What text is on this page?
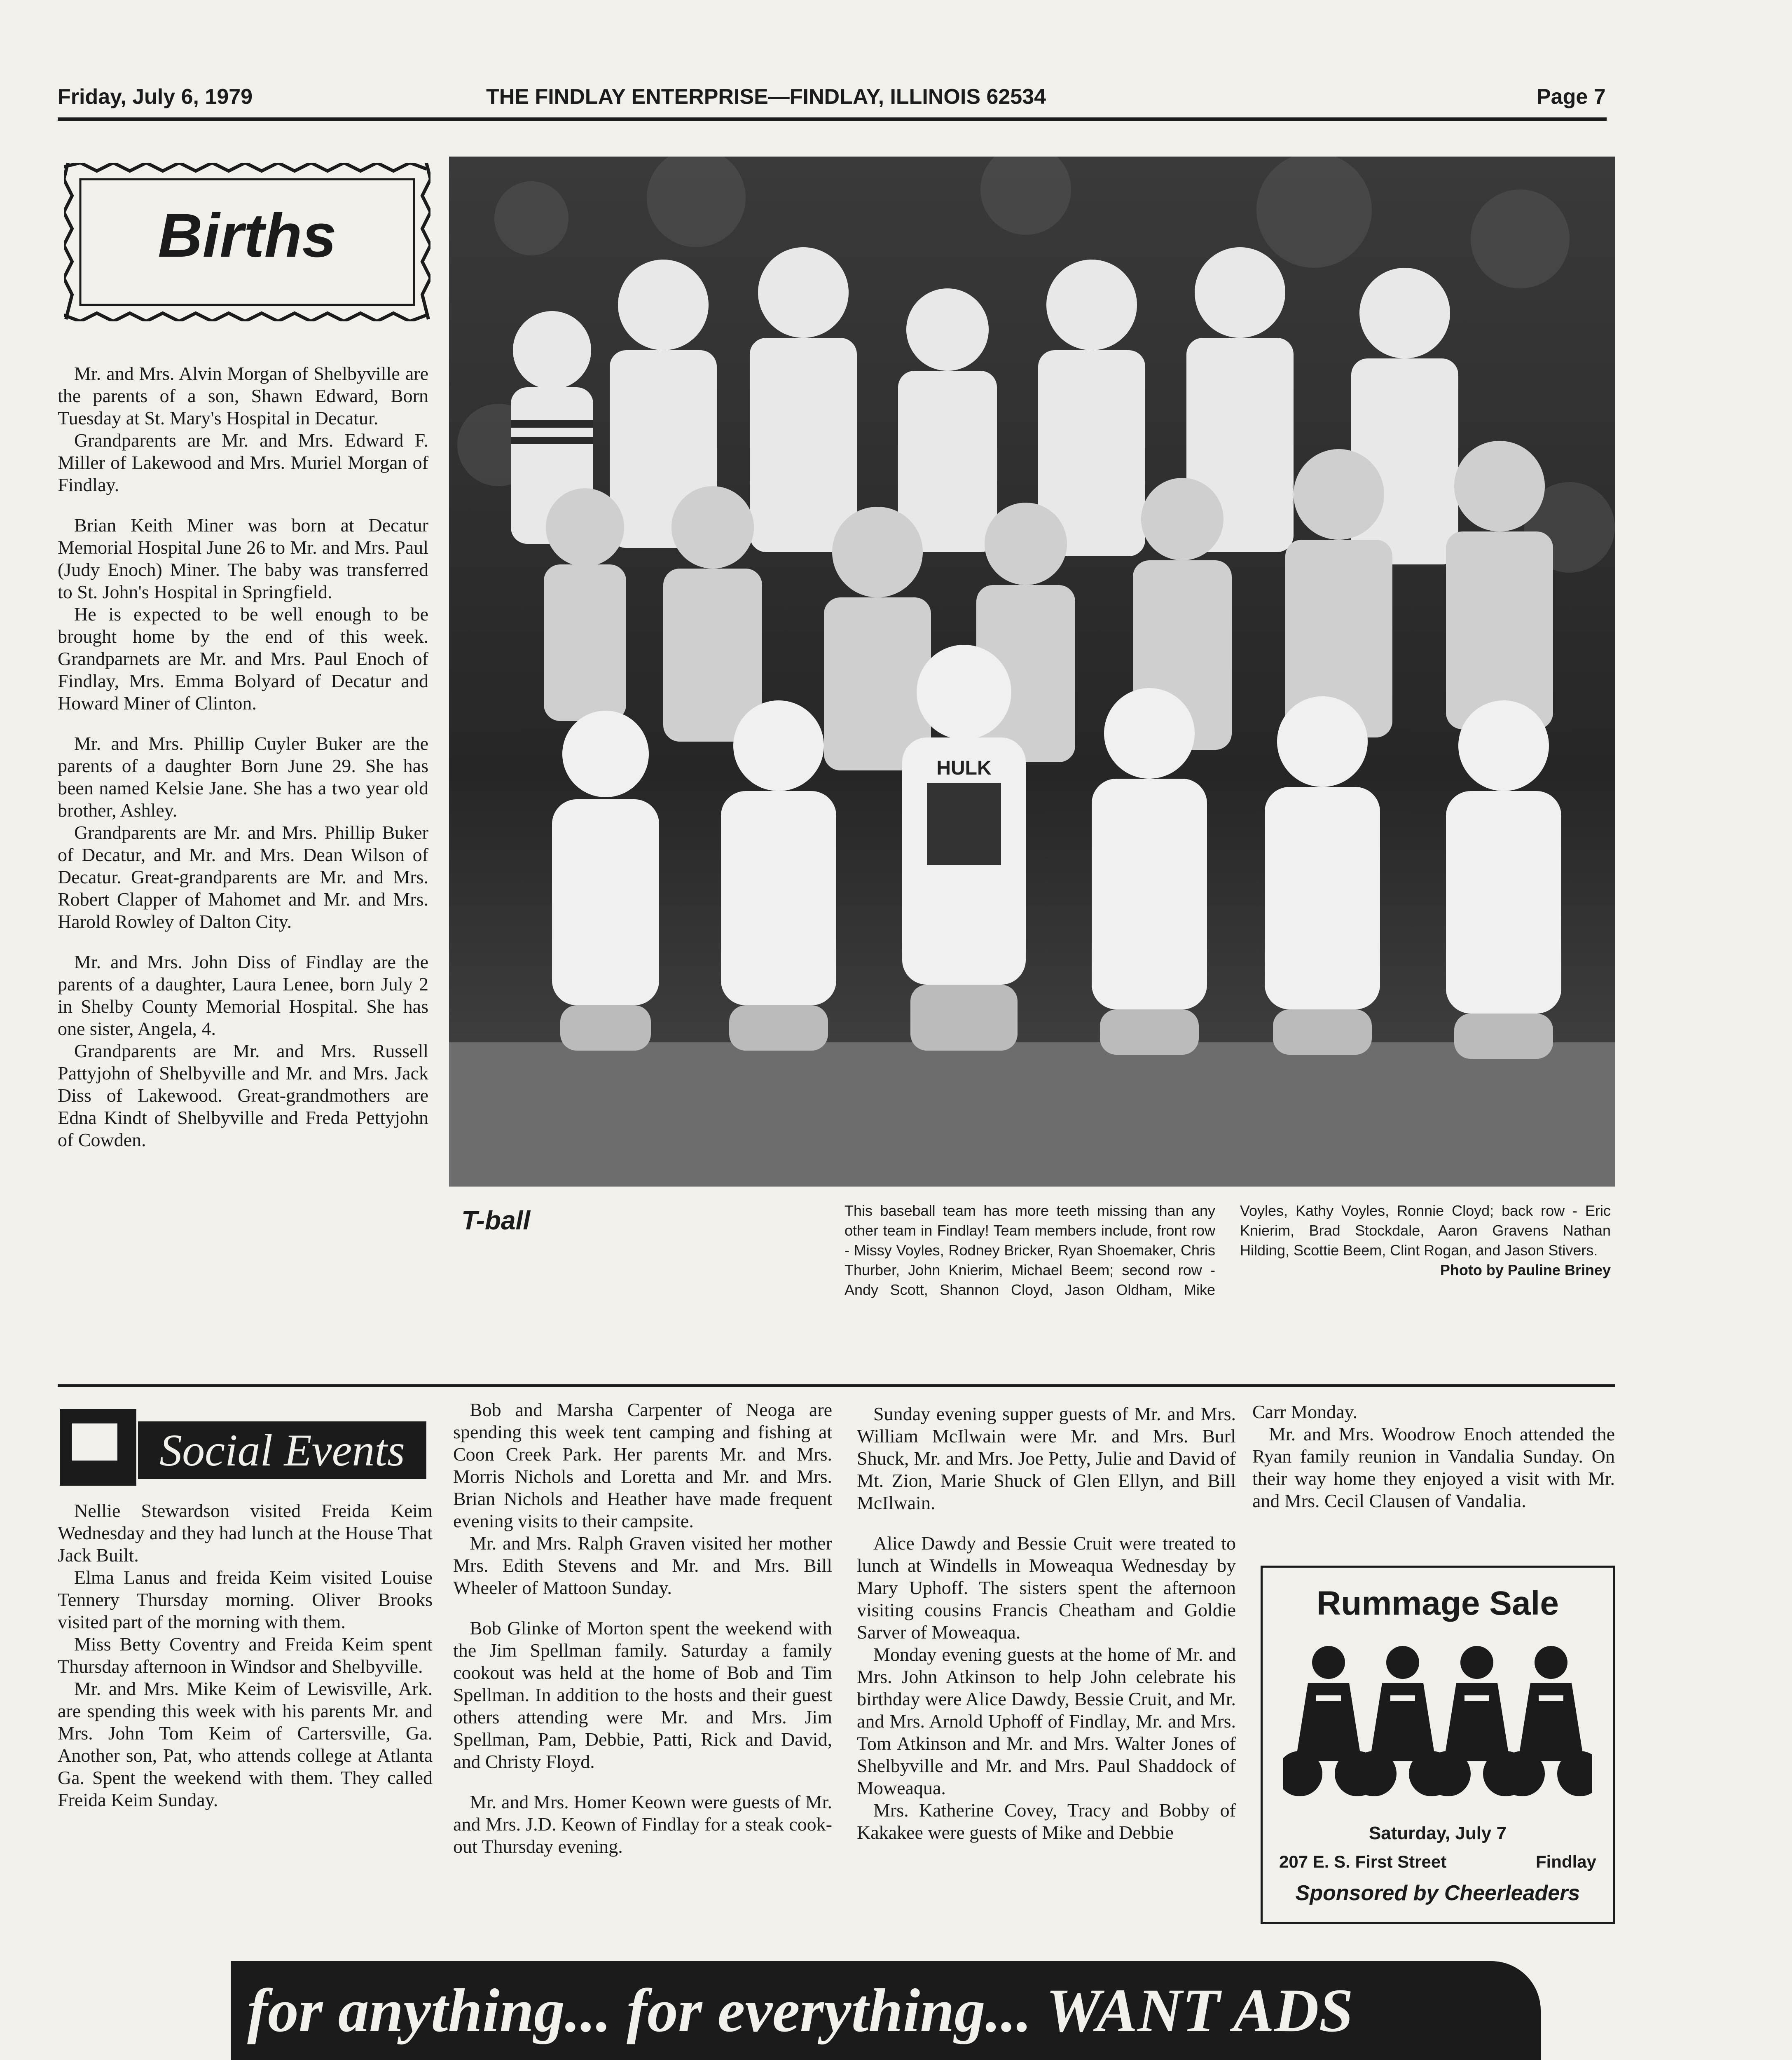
Friday, July 6, 1979	THE FINDLAY ENTERPRISE—FINDLAY, ILLINOIS 62534	Page 7
Births

Mr. and Mrs. Alvin Morgan of Shelbyville are the parents of a son, Shawn Edward, Born Tuesday at St. Mary's Hospital in Decatur.

Grandparents are Mr. and Mrs. Edward F. Miller of Lakewood and Mrs. Muriel Morgan of Findlay.

Brian Keith Miner was born at Decatur Memorial Hospital June 26 to Mr. and Mrs. Paul (Judy Enoch) Miner. The baby was transferred to St. John's Hospital in Springfield.

He is expected to be well enough to be brought home by the end of this week. Grandparnets are Mr. and Mrs. Paul Enoch of Findlay, Mrs. Emma Bolyard of Decatur and Howard Miner of Clinton.

Mr. and Mrs. Phillip Cuyler Buker are the parents of a daughter Born June 29. She has been named Kelsie Jane. She has a two year old brother, Ashley.

Grandparents are Mr. and Mrs. Phillip Buker of Decatur, and Mr. and Mrs. Dean Wilson of Decatur. Great-grandparents are Mr. and Mrs. Robert Clapper of Mahomet and Mr. and Mrs. Harold Rowley of Dalton City.

Mr. and Mrs. John Diss of Findlay are the parents of a daughter, Laura Lenee, born July 2 in Shelby County Memorial Hospital. She has one sister, Angela, 4.

Grandparents are Mr. and Mrs. Russell Pattyjohn of Shelbyville and Mr. and Mrs. Jack Diss of Lakewood. Great-grandmothers are Edna Kindt of Shelbyville and Freda Pettyjohn of Cowden.

HULK
T-ball	This baseball team has more teeth missing than any other team in Findlay! Team members include, front row - Missy Voyles, Rodney Bricker, Ryan Shoemaker, Chris Thurber, John Knierim, Michael Beem; second row - Andy Scott, Shannon Cloyd, Jason Oldham, Mike Voyles, Kathy Voyles, Ronnie Cloyd; back row - Eric Knierim, Brad Stockdale, Aaron Gravens Nathan Hilding, Scottie Beem, Clint Rogan, and Jason Stivers.
Photo by Pauline Briney
Social Events

Nellie Stewardson visited Freida Keim Wednesday and they had lunch at the House That Jack Built.

Elma Lanus and freida Keim visited Louise Tennery Thursday morning. Oliver Brooks visited part of the morning with them.

Miss Betty Coventry and Freida Keim spent Thursday afternoon in Windsor and Shelbyville.

Mr. and Mrs. Mike Keim of Lewisville, Ark. are spending this week with his parents Mr. and Mrs. John Tom Keim of Cartersville, Ga. Another son, Pat, who attends college at Atlanta Ga. Spent the weekend with them. They called Freida Keim Sunday.

Bob and Marsha Carpenter of Neoga are spending this week tent camping and fishing at Coon Creek Park. Her parents Mr. and Mrs. Morris Nichols and Loretta and Mr. and Mrs. Brian Nichols and Heather have made frequent evening visits to their campsite.

Mr. and Mrs. Ralph Graven visited her mother Mrs. Edith Stevens and Mr. and Mrs. Bill Wheeler of Mattoon Sunday.

Bob Glinke of Morton spent the weekend with the Jim Spellman family. Saturday a family cookout was held at the home of Bob and Tim Spellman. In addition to the hosts and their guest others attending were Mr. and Mrs. Jim Spellman, Pam, Debbie, Patti, Rick and David, and Christy Floyd.

Mr. and Mrs. Homer Keown were guests of Mr. and Mrs. J.D. Keown of Findlay for a steak cook-out Thursday evening.

Sunday evening supper guests of Mr. and Mrs. William McIlwain were Mr. and Mrs. Burl Shuck, Mr. and Mrs. Joe Petty, Julie and David of Mt. Zion, Marie Shuck of Glen Ellyn, and Bill McIlwain.

Alice Dawdy and Bessie Cruit were treated to lunch at Windells in Moweaqua Wednesday by Mary Uphoff. The sisters spent the afternoon visiting cousins Francis Cheatham and Goldie Sarver of Moweaqua.

Monday evening guests at the home of Mr. and Mrs. John Atkinson to help John celebrate his birthday were Alice Dawdy, Bessie Cruit, and Mr. and Mrs. Arnold Uphoff of Findlay, Mr. and Mrs. Tom Atkinson and Mr. and Mrs. Walter Jones of Shelbyville and Mr. and Mrs. Paul Shaddock of Moweaqua.

Mrs. Katherine Covey, Tracy and Bobby of Kakakee were guests of Mike and Debbie

Carr Monday.

Mr. and Mrs. Woodrow Enoch attended the Ryan family reunion in Vandalia Sunday. On their way home they enjoyed a visit with Mr. and Mrs. Cecil Clausen of Vandalia.

Rummage Sale
Saturday, July 7
207 E. S. First Street	Findlay
Sponsored by Cheerleaders
for anything... for everything... WANT ADS
